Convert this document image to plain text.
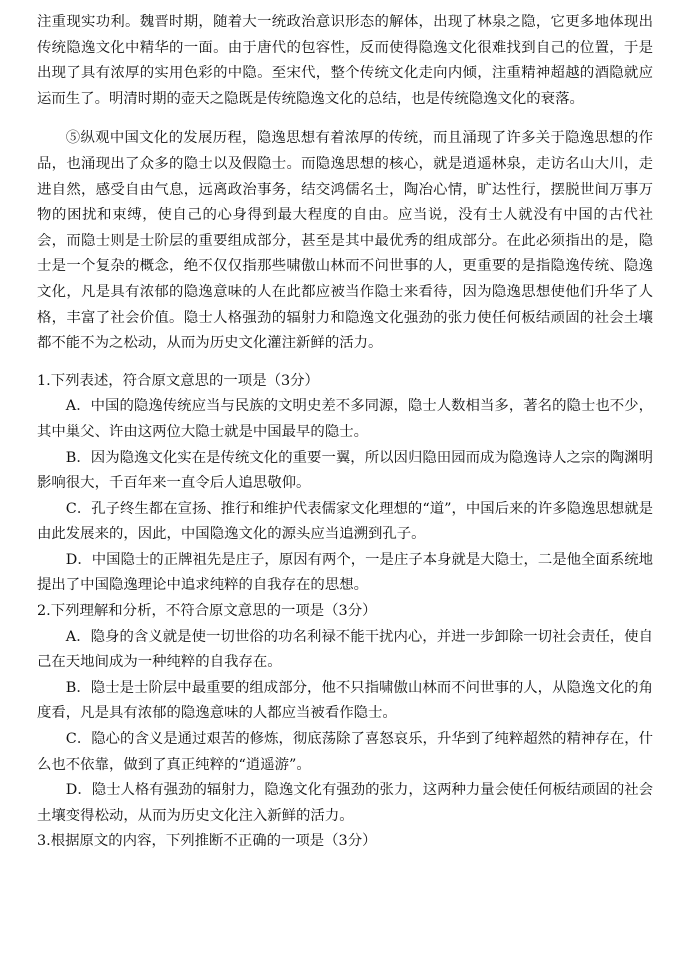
注重现实功利。魏晋时期，随着大一统政治意识形态的解体，出现了林泉之隐，它更多地体现出传统隐逸文化中精华的一面。由于唐代的包容性，反而使得隐逸文化很难找到自己的位置，于是出现了具有浓厚的实用色彩的中隐。至宋代，整个传统文化走向内倾，注重精神超越的酒隐就应运而生了。明清时期的壶天之隐既是传统隐逸文化的总结，也是传统隐逸文化的衰落。

⑤纵观中国文化的发展历程，隐逸思想有着浓厚的传统，而且涌现了许多关于隐逸思想的作品，也涌现出了众多的隐士以及假隐士。而隐逸思想的核心，就是逍遥林泉，走访名山大川，走进自然，感受自由气息，远离政治事务，结交鸿儒名士，陶冶心情，旷达性行，摆脱世间万事万物的困扰和束缚，使自己的心身得到最大程度的自由。应当说，没有士人就没有中国的古代社会，而隐士则是士阶层的重要组成部分，甚至是其中最优秀的组成部分。在此必须指出的是，隐士是一个复杂的概念，绝不仅仅指那些啸傲山林而不问世事的人，更重要的是指隐逸传统、隐逸文化，凡是具有浓郁的隐逸意味的人在此都应被当作隐士来看待，因为隐逸思想使他们升华了人格，丰富了社会价值。隐士人格强劲的辐射力和隐逸文化强劲的张力使任何板结顽固的社会土壤都不能不为之松动，从而为历史文化灌注新鲜的活力。

1.下列表述，符合原文意思的一项是（3分）

A．中国的隐逸传统应当与民族的文明史差不多同源，隐士人数相当多，著名的隐士也不少，其中巢父、许由这两位大隐士就是中国最早的隐士。

B．因为隐逸文化实在是传统文化的重要一翼，所以因归隐田园而成为隐逸诗人之宗的陶渊明影响很大，千百年来一直令后人追思敬仰。

C．孔子终生都在宣扬、推行和维护代表儒家文化理想的“道”，中国后来的许多隐逸思想就是由此发展来的，因此，中国隐逸文化的源头应当追溯到孔子。

D．中国隐士的正牌祖先是庄子，原因有两个，一是庄子本身就是大隐士，二是他全面系统地提出了中国隐逸理论中追求纯粹的自我存在的思想。

2.下列理解和分析，不符合原文意思的一项是（3分）

A．隐身的含义就是使一切世俗的功名利禄不能干扰内心，并进一步卸除一切社会责任，使自己在天地间成为一种纯粹的自我存在。

B．隐士是士阶层中最重要的组成部分，他不只指啸傲山林而不问世事的人，从隐逸文化的角度看，凡是具有浓郁的隐逸意味的人都应当被看作隐士。

C．隐心的含义是通过艰苦的修炼，彻底荡除了喜怒哀乐，升华到了纯粹超然的精神存在，什么也不依靠，做到了真正纯粹的“逍遥游”。

D．隐士人格有强劲的辐射力，隐逸文化有强劲的张力，这两种力量会使任何板结顽固的社会土壤变得松动，从而为历史文化注入新鲜的活力。

3.根据原文的内容，下列推断不正确的一项是（3分）
